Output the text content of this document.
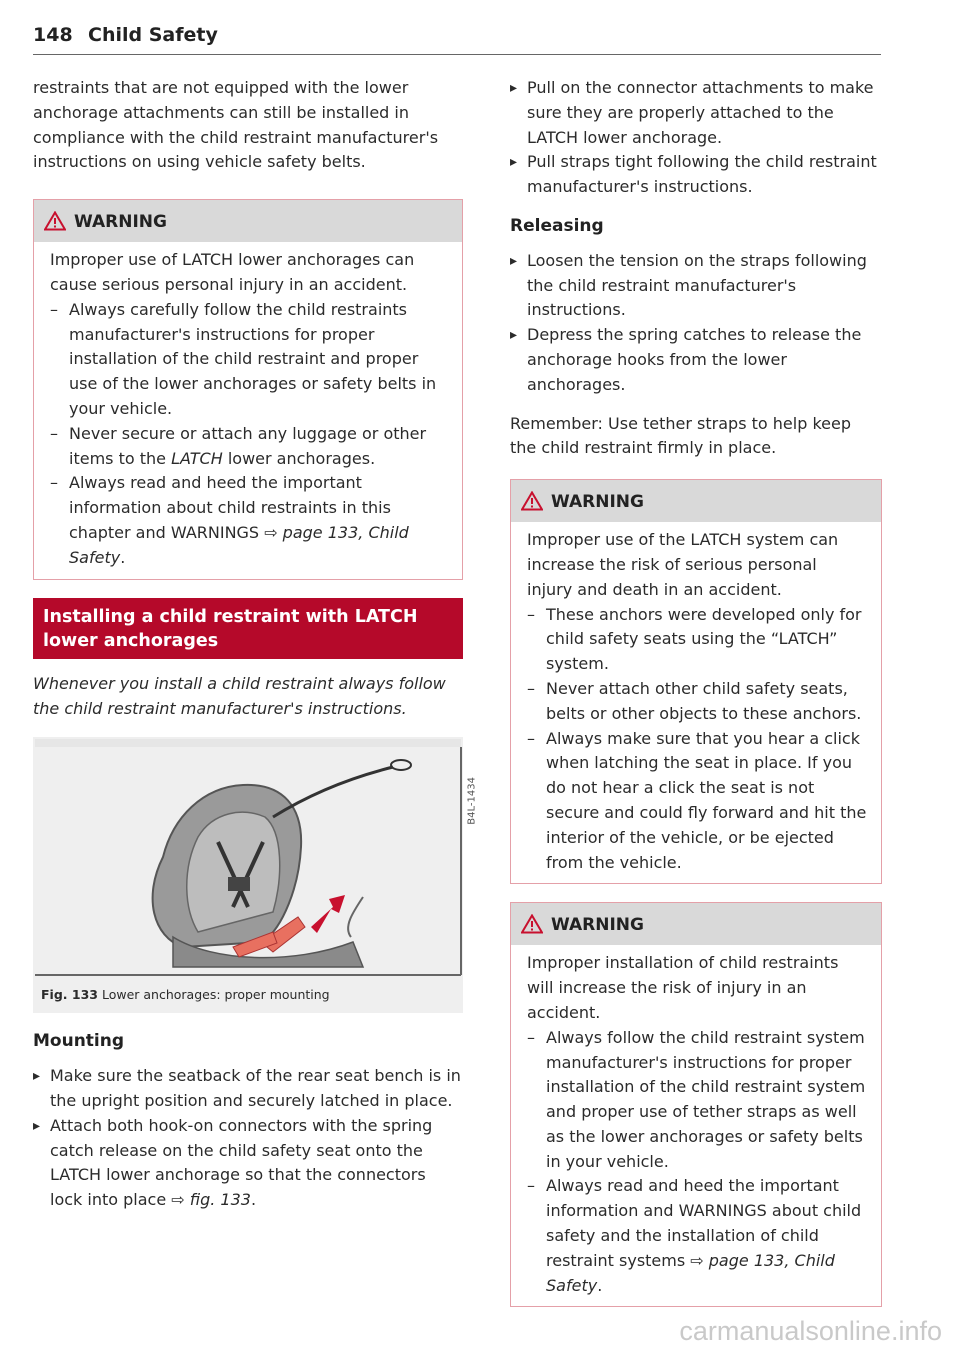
148 Child Safety

restraints that are not equipped with the lower anchorage attachments can still be installed in compliance with the child restraint manufacturer's instructions on using vehicle safety belts.

WARNING

Improper use of LATCH lower anchorages can cause serious personal injury in an accident.

– Always carefully follow the child restraints manufacturer's instructions for proper installation of the child restraint and proper use of the lower anchorages or safety belts in your vehicle.

– Never secure or attach any luggage or other items to the LATCH lower anchorages.

– Always read and heed the important information about child restraints in this chapter and WARNINGS ⇨ page 133, Child Safety.

Installing a child restraint with LATCH lower anchorages

Whenever you install a child restraint always follow the child restraint manufacturer's instructions.

B4L-1434
Fig. 133 Lower anchorages: proper mounting
Mounting

▸ Make sure the seatback of the rear seat bench is in the upright position and securely latched in place.

▸ Attach both hook-on connectors with the spring catch release on the child safety seat onto the LATCH lower anchorage so that the connectors lock into place ⇨ fig. 133.

▸ Pull on the connector attachments to make sure they are properly attached to the LATCH lower anchorage.

▸ Pull straps tight following the child restraint manufacturer's instructions.

Releasing

▸ Loosen the tension on the straps following the child restraint manufacturer's instructions.

▸ Depress the spring catches to release the anchorage hooks from the lower anchorages.

Remember: Use tether straps to help keep the child restraint firmly in place.

WARNING

Improper use of the LATCH system can increase the risk of serious personal injury and death in an accident.

– These anchors were developed only for child safety seats using the “LATCH” system.

– Never attach other child safety seats, belts or other objects to these anchors.

– Always make sure that you hear a click when latching the seat in place. If you do not hear a click the seat is not secure and could fly forward and hit the interior of the vehicle, or be ejected from the vehicle.

WARNING

Improper installation of child restraints will increase the risk of injury in an accident.

– Always follow the child restraint system manufacturer's instructions for proper installation of the child restraint system and proper use of tether straps as well as the lower anchorages or safety belts in your vehicle.

– Always read and heed the important information and WARNINGS about child safety and the installation of child restraint systems ⇨ page 133, Child Safety.

carmanualsonline.info
